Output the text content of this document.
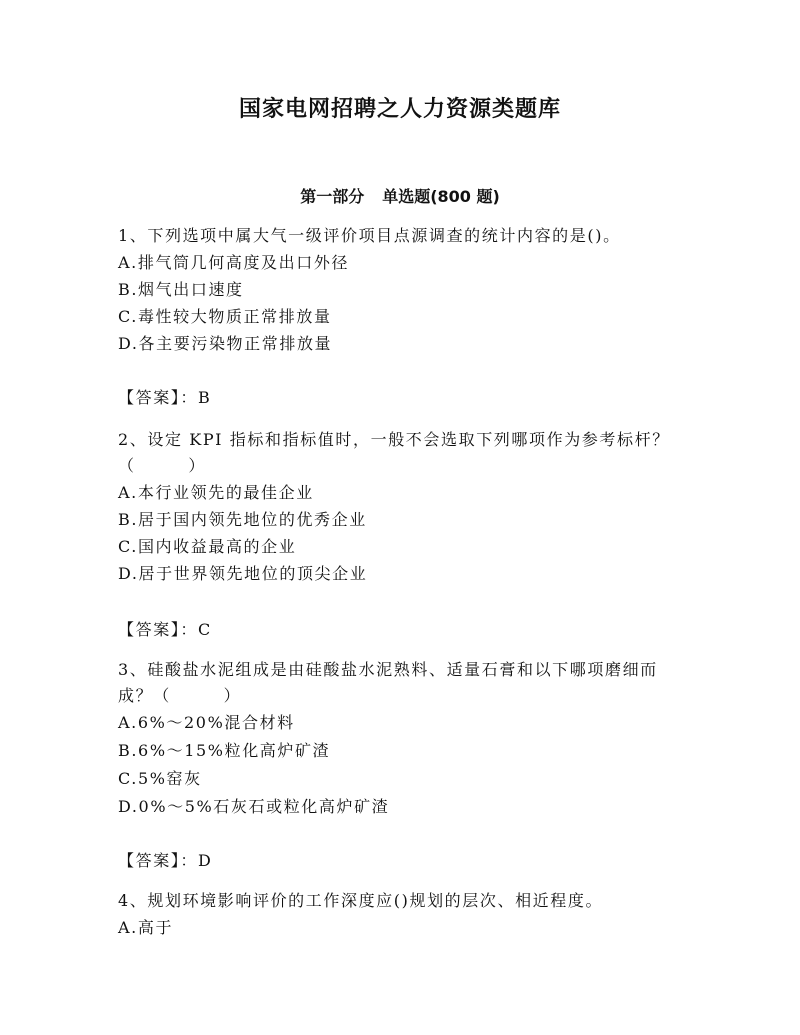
国家电网招聘之人力资源类题库
第一部分 单选题(800 题)
1、下列选项中属大气一级评价项目点源调查的统计内容的是()。
A.排气筒几何高度及出口外径
B.烟气出口速度
C.毒性较大物质正常排放量
D.各主要污染物正常排放量
【答案】：B
2、设定 KPI 指标和指标值时，一般不会选取下列哪项作为参考标杆？
（　　　）
A.本行业领先的最佳企业
B.居于国内领先地位的优秀企业
C.国内收益最高的企业
D.居于世界领先地位的顶尖企业
【答案】：C
3、硅酸盐水泥组成是由硅酸盐水泥熟料、适量石膏和以下哪项磨细而
成？（　　　）
A.6%～20%混合材料
B.6%～15%粒化高炉矿渣
C.5%窑灰
D.0%～5%石灰石或粒化高炉矿渣
【答案】：D
4、规划环境影响评价的工作深度应()规划的层次、相近程度。
A.高于
